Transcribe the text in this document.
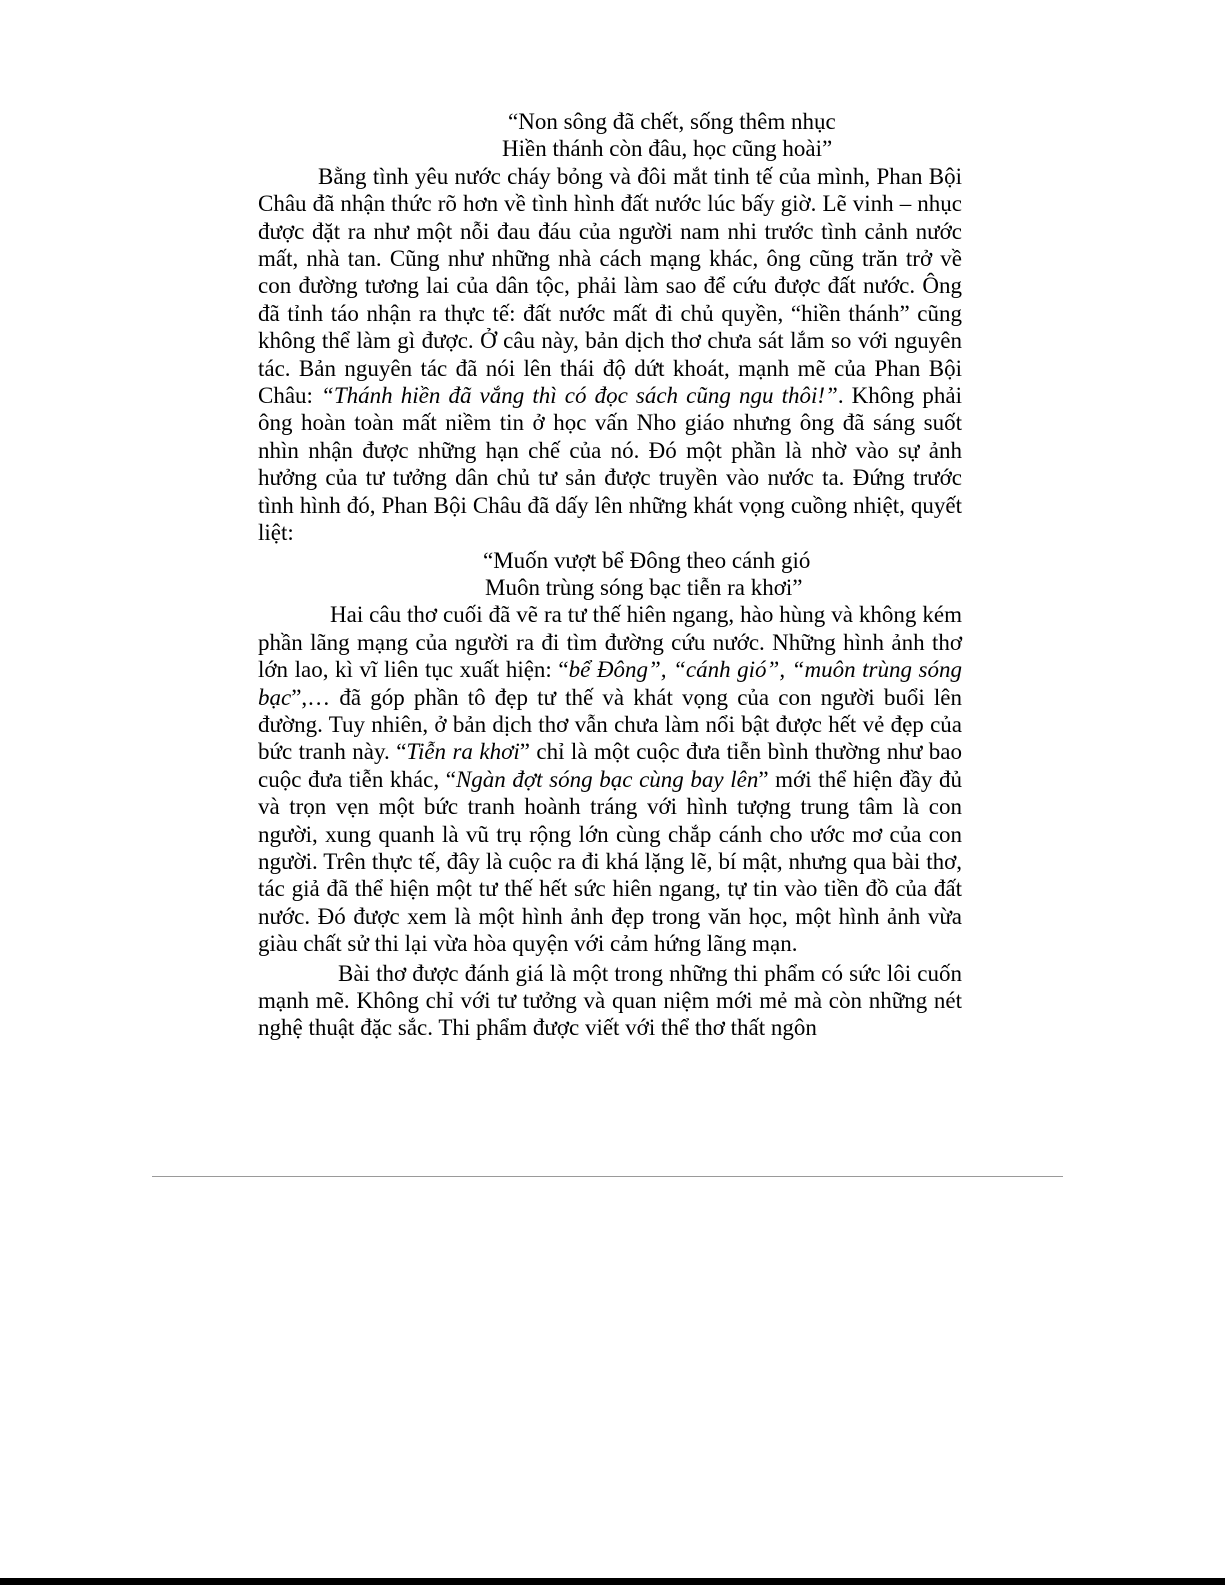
“Non sông đã chết, sống thêm nhục
Hiền thánh còn đâu, học cũng hoài”

Bằng tình yêu nước cháy bỏng và đôi mắt tinh tế của mình, Phan Bội Châu đã nhận thức rõ hơn về tình hình đất nước lúc bấy giờ. Lẽ vinh – nhục được đặt ra như một nỗi đau đáu của người nam nhi trước tình cảnh nước mất, nhà tan. Cũng như những nhà cách mạng khác, ông cũng trăn trở về con đường tương lai của dân tộc, phải làm sao để cứu được đất nước. Ông đã tỉnh táo nhận ra thực tế: đất nước mất đi chủ quyền, “hiền thánh” cũng không thể làm gì được. Ở câu này, bản dịch thơ chưa sát lắm so với nguyên tác. Bản nguyên tác đã nói lên thái độ dứt khoát, mạnh mẽ của Phan Bội Châu: “Thánh hiền đã vắng thì có đọc sách cũng ngu thôi!”. Không phải ông hoàn toàn mất niềm tin ở học vấn Nho giáo nhưng ông đã sáng suốt nhìn nhận được những hạn chế của nó. Đó một phần là nhờ vào sự ảnh hưởng của tư tưởng dân chủ tư sản được truyền vào nước ta. Đứng trước tình hình đó, Phan Bội Châu đã dấy lên những khát vọng cuồng nhiệt, quyết liệt:

“Muốn vượt bể Đông theo cánh gió
Muôn trùng sóng bạc tiễn ra khơi”

Hai câu thơ cuối đã vẽ ra tư thế hiên ngang, hào hùng và không kém phần lãng mạng của người ra đi tìm đường cứu nước. Những hình ảnh thơ lớn lao, kì vĩ liên tục xuất hiện: “bể Đông”, “cánh gió”, “muôn trùng sóng bạc”,… đã góp phần tô đẹp tư thế và khát vọng của con người buổi lên đường. Tuy nhiên, ở bản dịch thơ vẫn chưa làm nổi bật được hết vẻ đẹp của bức tranh này. “Tiễn ra khơi” chỉ là một cuộc đưa tiễn bình thường như bao cuộc đưa tiễn khác, “Ngàn đợt sóng bạc cùng bay lên” mới thể hiện đầy đủ và trọn vẹn một bức tranh hoành tráng với hình tượng trung tâm là con người, xung quanh là vũ trụ rộng lớn cùng chắp cánh cho ước mơ của con người. Trên thực tế, đây là cuộc ra đi khá lặng lẽ, bí mật, nhưng qua bài thơ, tác giả đã thể hiện một tư thế hết sức hiên ngang, tự tin vào tiền đồ của đất nước. Đó được xem là một hình ảnh đẹp trong văn học, một hình ảnh vừa giàu chất sử thi lại vừa hòa quyện với cảm hứng lãng mạn.

Bài thơ được đánh giá là một trong những thi phẩm có sức lôi cuốn mạnh mẽ. Không chỉ với tư tưởng và quan niệm mới mẻ mà còn những nét nghệ thuật đặc sắc. Thi phẩm được viết với thể thơ thất ngôn
